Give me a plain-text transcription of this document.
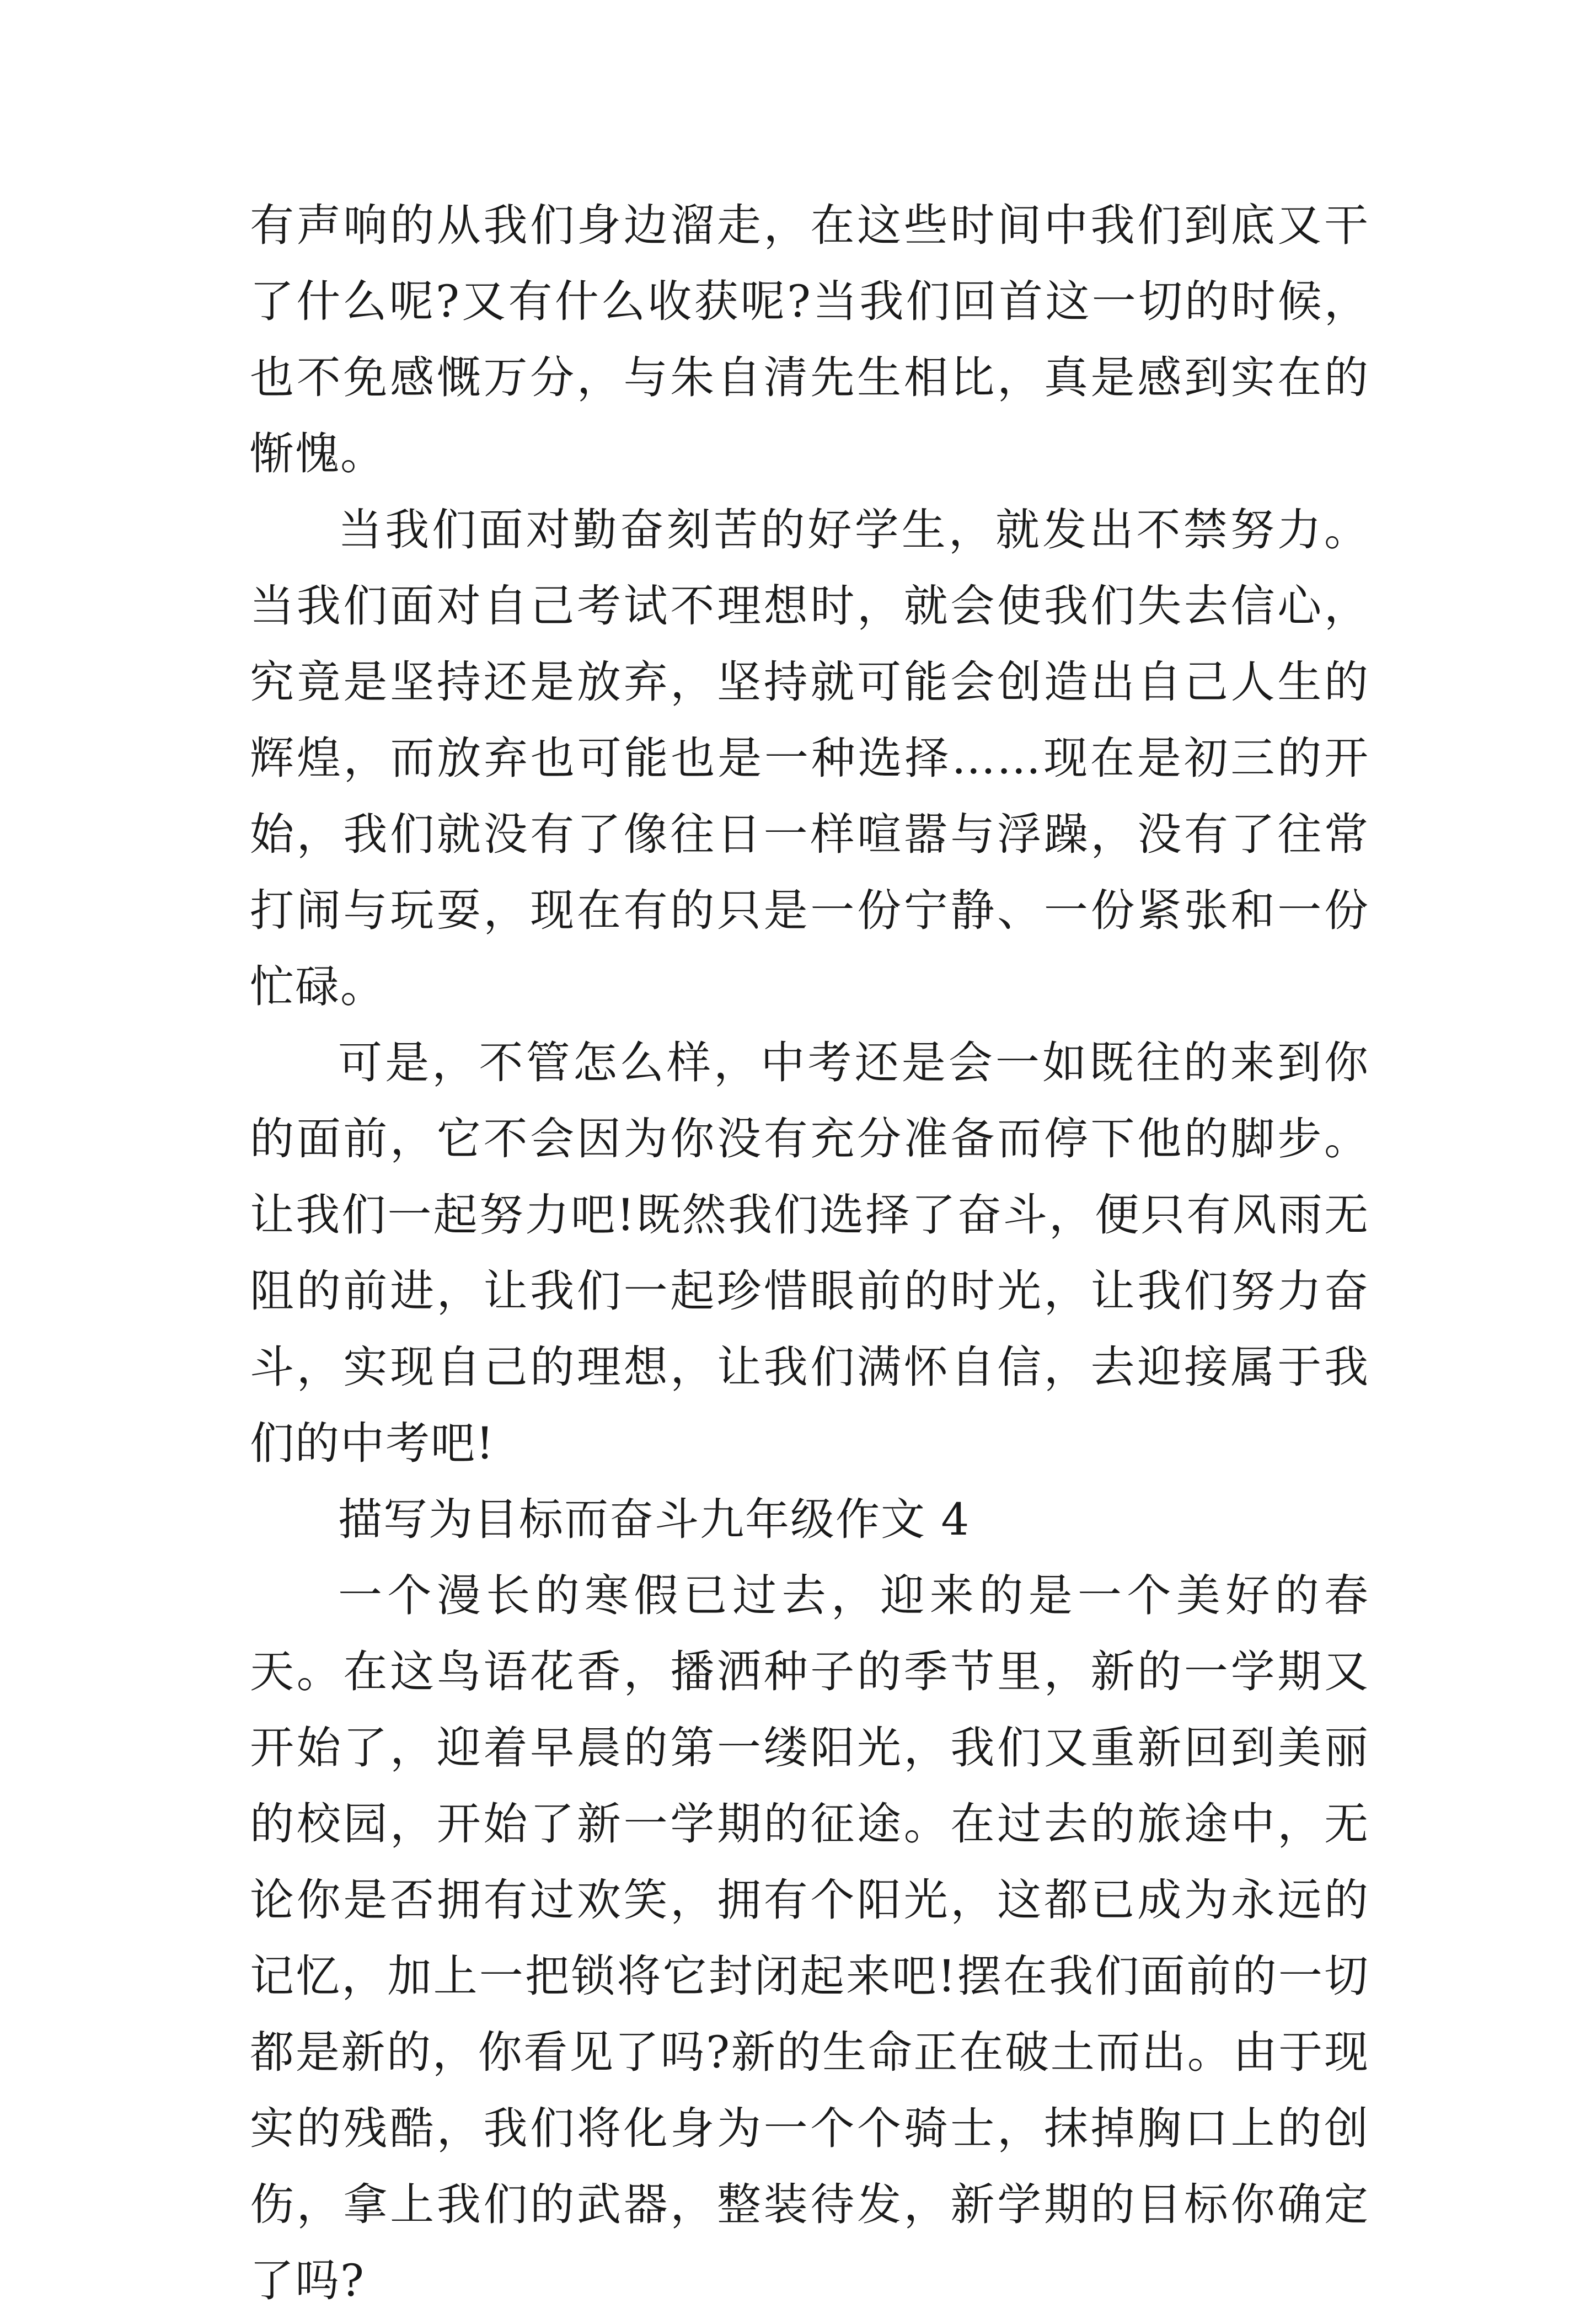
有声响的从我们身边溜走，在这些时间中我们到底又干了什么呢?又有什么收获呢?当我们回首这一切的时候，也不免感慨万分，与朱自清先生相比，真是感到实在的惭愧。

当我们面对勤奋刻苦的好学生，就发出不禁努力。当我们面对自己考试不理想时，就会使我们失去信心，究竟是坚持还是放弃，坚持就可能会创造出自己人生的辉煌，而放弃也可能也是一种选择……现在是初三的开始，我们就没有了像往日一样喧嚣与浮躁，没有了往常打闹与玩耍，现在有的只是一份宁静、一份紧张和一份忙碌。

可是，不管怎么样，中考还是会一如既往的来到你的面前，它不会因为你没有充分准备而停下他的脚步。让我们一起努力吧!既然我们选择了奋斗，便只有风雨无阻的前进，让我们一起珍惜眼前的时光，让我们努力奋斗，实现自己的理想，让我们满怀自信，去迎接属于我们的中考吧!

描写为目标而奋斗九年级作文 4

一个漫长的寒假已过去，迎来的是一个美好的春天。在这鸟语花香，播洒种子的季节里，新的一学期又开始了，迎着早晨的第一缕阳光，我们又重新回到美丽的校园，开始了新一学期的征途。在过去的旅途中，无论你是否拥有过欢笑，拥有个阳光，这都已成为永远的记忆，加上一把锁将它封闭起来吧!摆在我们面前的一切都是新的，你看见了吗?新的生命正在破土而出。由于现实的残酷，我们将化身为一个个骑士，抹掉胸口上的创伤，拿上我们的武器，整装待发，新学期的目标你确定了吗?
